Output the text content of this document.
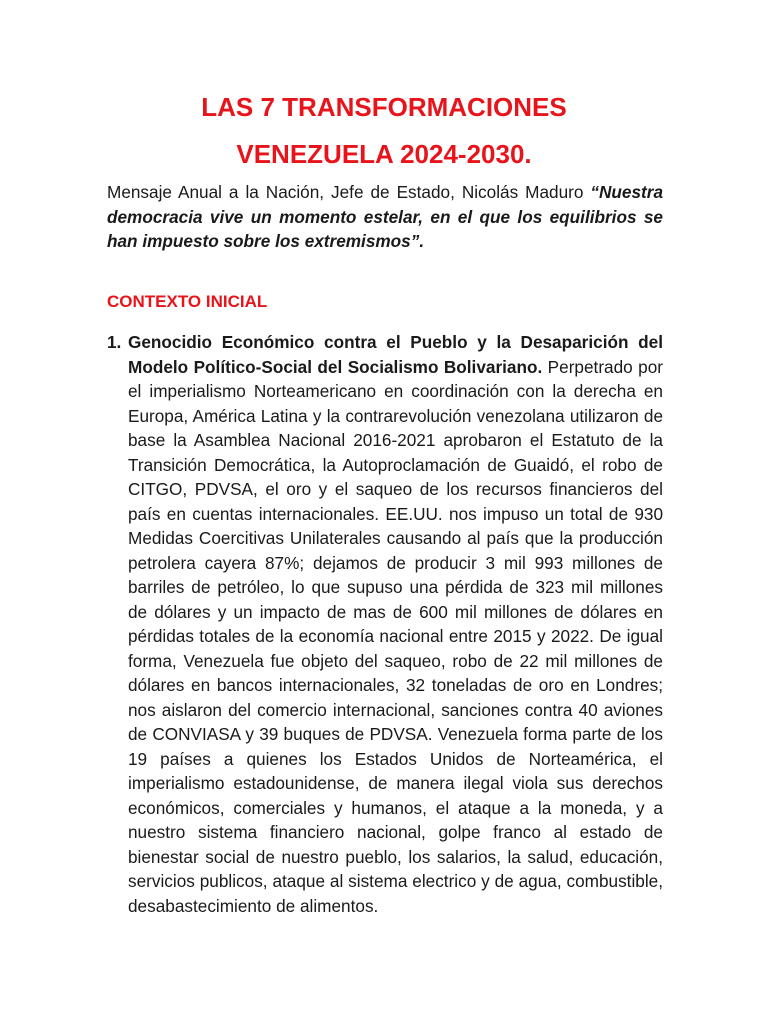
LAS 7 TRANSFORMACIONES
VENEZUELA 2024-2030.

Mensaje Anual a la Nación, Jefe de Estado, Nicolás Maduro “Nuestra democracia vive un momento estelar, en el que los equilibrios se han impuesto sobre los extremismos”.

CONTEXTO INICIAL
1. Genocidio Económico contra el Pueblo y la Desaparición del Modelo Político-Social del Socialismo Bolivariano. Perpetrado por el imperialismo Norteamericano en coordinación con la derecha en Europa, América Latina y la contrarevolución venezolana utilizaron de base la Asamblea Nacional 2016-2021 aprobaron el Estatuto de la Transición Democrática, la Autoproclamación de Guaidó, el robo de CITGO, PDVSA, el oro y el saqueo de los recursos financieros del país en cuentas internacionales. EE.UU. nos impuso un total de 930 Medidas Coercitivas Unilaterales causando al país que la producción petrolera cayera 87%; dejamos de producir 3 mil 993 millones de barriles de petróleo, lo que supuso una pérdida de 323 mil millones de dólares y un impacto de mas de 600 mil millones de dólares en pérdidas totales de la economía nacional entre 2015 y 2022. De igual forma, Venezuela fue objeto del saqueo, robo de 22 mil millones de dólares en bancos internacionales, 32 toneladas de oro en Londres; nos aislaron del comercio internacional, sanciones contra 40 aviones de CONVIASA y 39 buques de PDVSA. Venezuela forma parte de los 19 países a quienes los Estados Unidos de Norteamérica, el imperialismo estadounidense, de manera ilegal viola sus derechos económicos, comerciales y humanos, el ataque a la moneda, y a nuestro sistema financiero nacional, golpe franco al estado de bienestar social de nuestro pueblo, los salarios, la salud, educación, servicios publicos, ataque al sistema electrico y de agua, combustible, desabastecimiento de alimentos.
